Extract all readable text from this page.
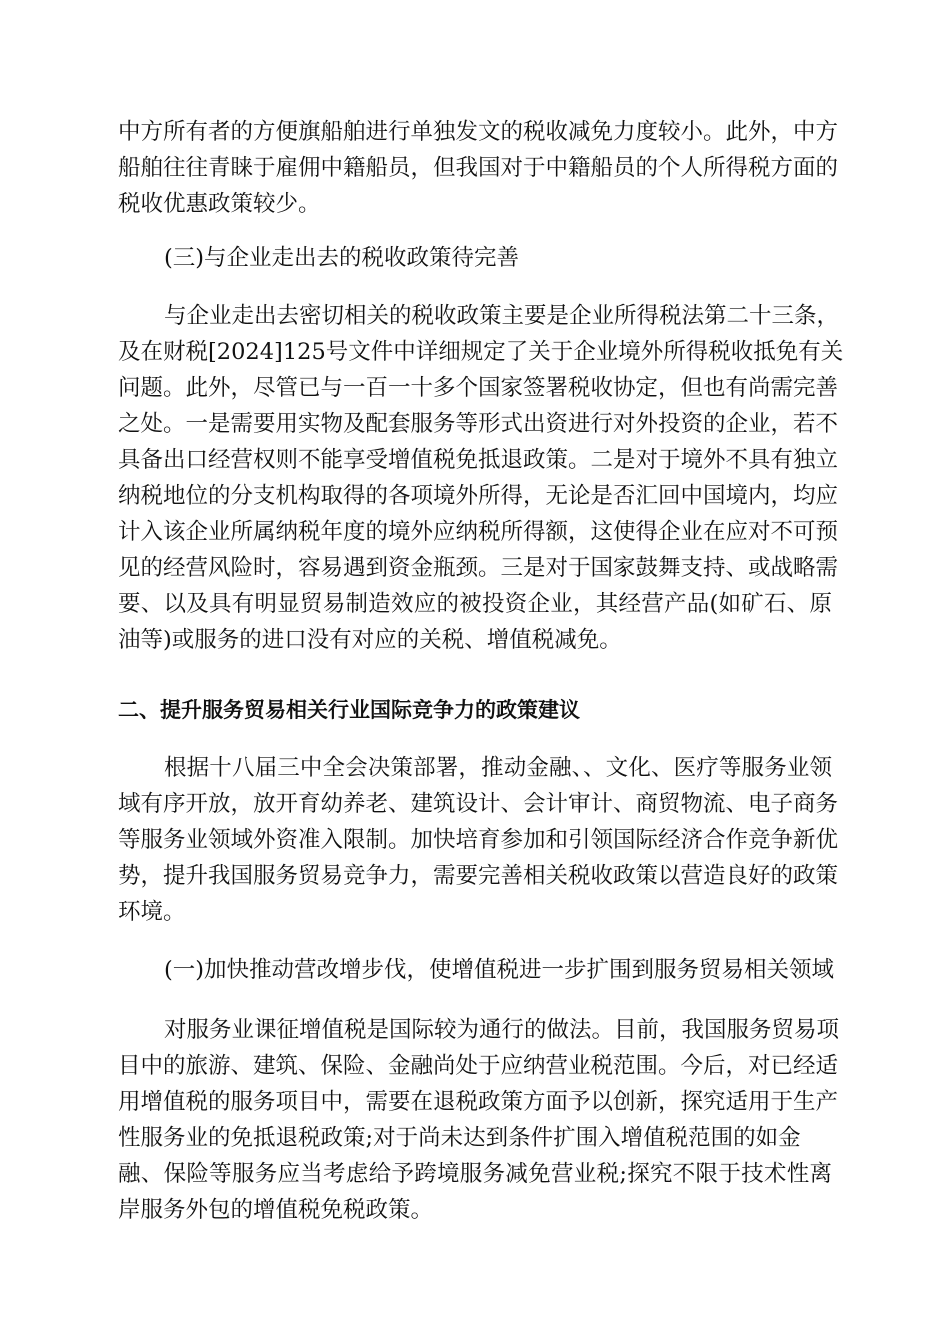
中方所有者的方便旗船舶进行单独发文的税收减免力度较小。此外，中方
船舶往往青睐于雇佣中籍船员，但我国对于中籍船员的个人所得税方面的
税收优惠政策较少。
(三)与企业走出去的税收政策待完善
与企业走出去密切相关的税收政策主要是企业所得税法第二十三条，
及在财税[2024]125号文件中详细规定了关于企业境外所得税收抵免有关
问题。此外，尽管已与一百一十多个国家签署税收协定，但也有尚需完善
之处。一是需要用实物及配套服务等形式出资进行对外投资的企业，若不
具备出口经营权则不能享受增值税免抵退政策。二是对于境外不具有独立
纳税地位的分支机构取得的各项境外所得，无论是否汇回中国境内，均应
计入该企业所属纳税年度的境外应纳税所得额，这使得企业在应对不可预
见的经营风险时，容易遇到资金瓶颈。三是对于国家鼓舞支持、或战略需
要、以及具有明显贸易制造效应的被投资企业，其经营产品(如矿石、原
油等)或服务的进口没有对应的关税、增值税减免。
二、提升服务贸易相关行业国际竞争力的政策建议
根据十八届三中全会决策部署，推动金融、、文化、医疗等服务业领
域有序开放，放开育幼养老、建筑设计、会计审计、商贸物流、电子商务
等服务业领域外资准入限制。加快培育参加和引领国际经济合作竞争新优
势，提升我国服务贸易竞争力，需要完善相关税收政策以营造良好的政策
环境。
(一)加快推动营改增步伐，使增值税进一步扩围到服务贸易相关领域
对服务业课征增值税是国际较为通行的做法。目前，我国服务贸易项
目中的旅游、建筑、保险、金融尚处于应纳营业税范围。今后，对已经适
用增值税的服务项目中，需要在退税政策方面予以创新，探究适用于生产
性服务业的免抵退税政策;对于尚未达到条件扩围入增值税范围的如金
融、保险等服务应当考虑给予跨境服务减免营业税;探究不限于技术性离
岸服务外包的增值税免税政策。
